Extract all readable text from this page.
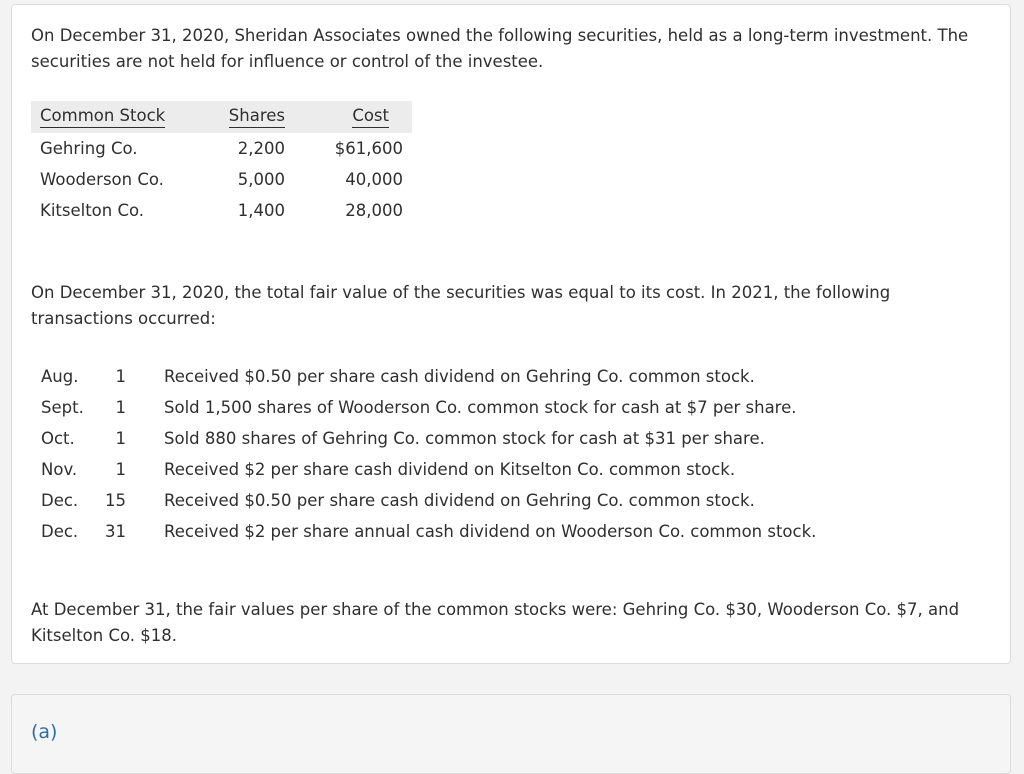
On December 31, 2020, Sheridan Associates owned the following securities, held as a long-term investment. The securities are not held for influence or control of the investee.

Common Stock	Shares	Cost
Gehring Co.	2,200	$61,600
Wooderson Co.	5,000	40,000
Kitselton Co.	1,400	28,000

On December 31, 2020, the total fair value of the securities was equal to its cost. In 2021, the following transactions occurred:

Aug.	1	Received $0.50 per share cash dividend on Gehring Co. common stock.
Sept.	1	Sold 1,500 shares of Wooderson Co. common stock for cash at $7 per share.
Oct.	1	Sold 880 shares of Gehring Co. common stock for cash at $31 per share.
Nov.	1	Received $2 per share cash dividend on Kitselton Co. common stock.
Dec.	15	Received $0.50 per share cash dividend on Gehring Co. common stock.
Dec.	31	Received $2 per share annual cash dividend on Wooderson Co. common stock.

At December 31, the fair values per share of the common stocks were: Gehring Co. $30, Wooderson Co. $7, and Kitselton Co. $18.

(a)
